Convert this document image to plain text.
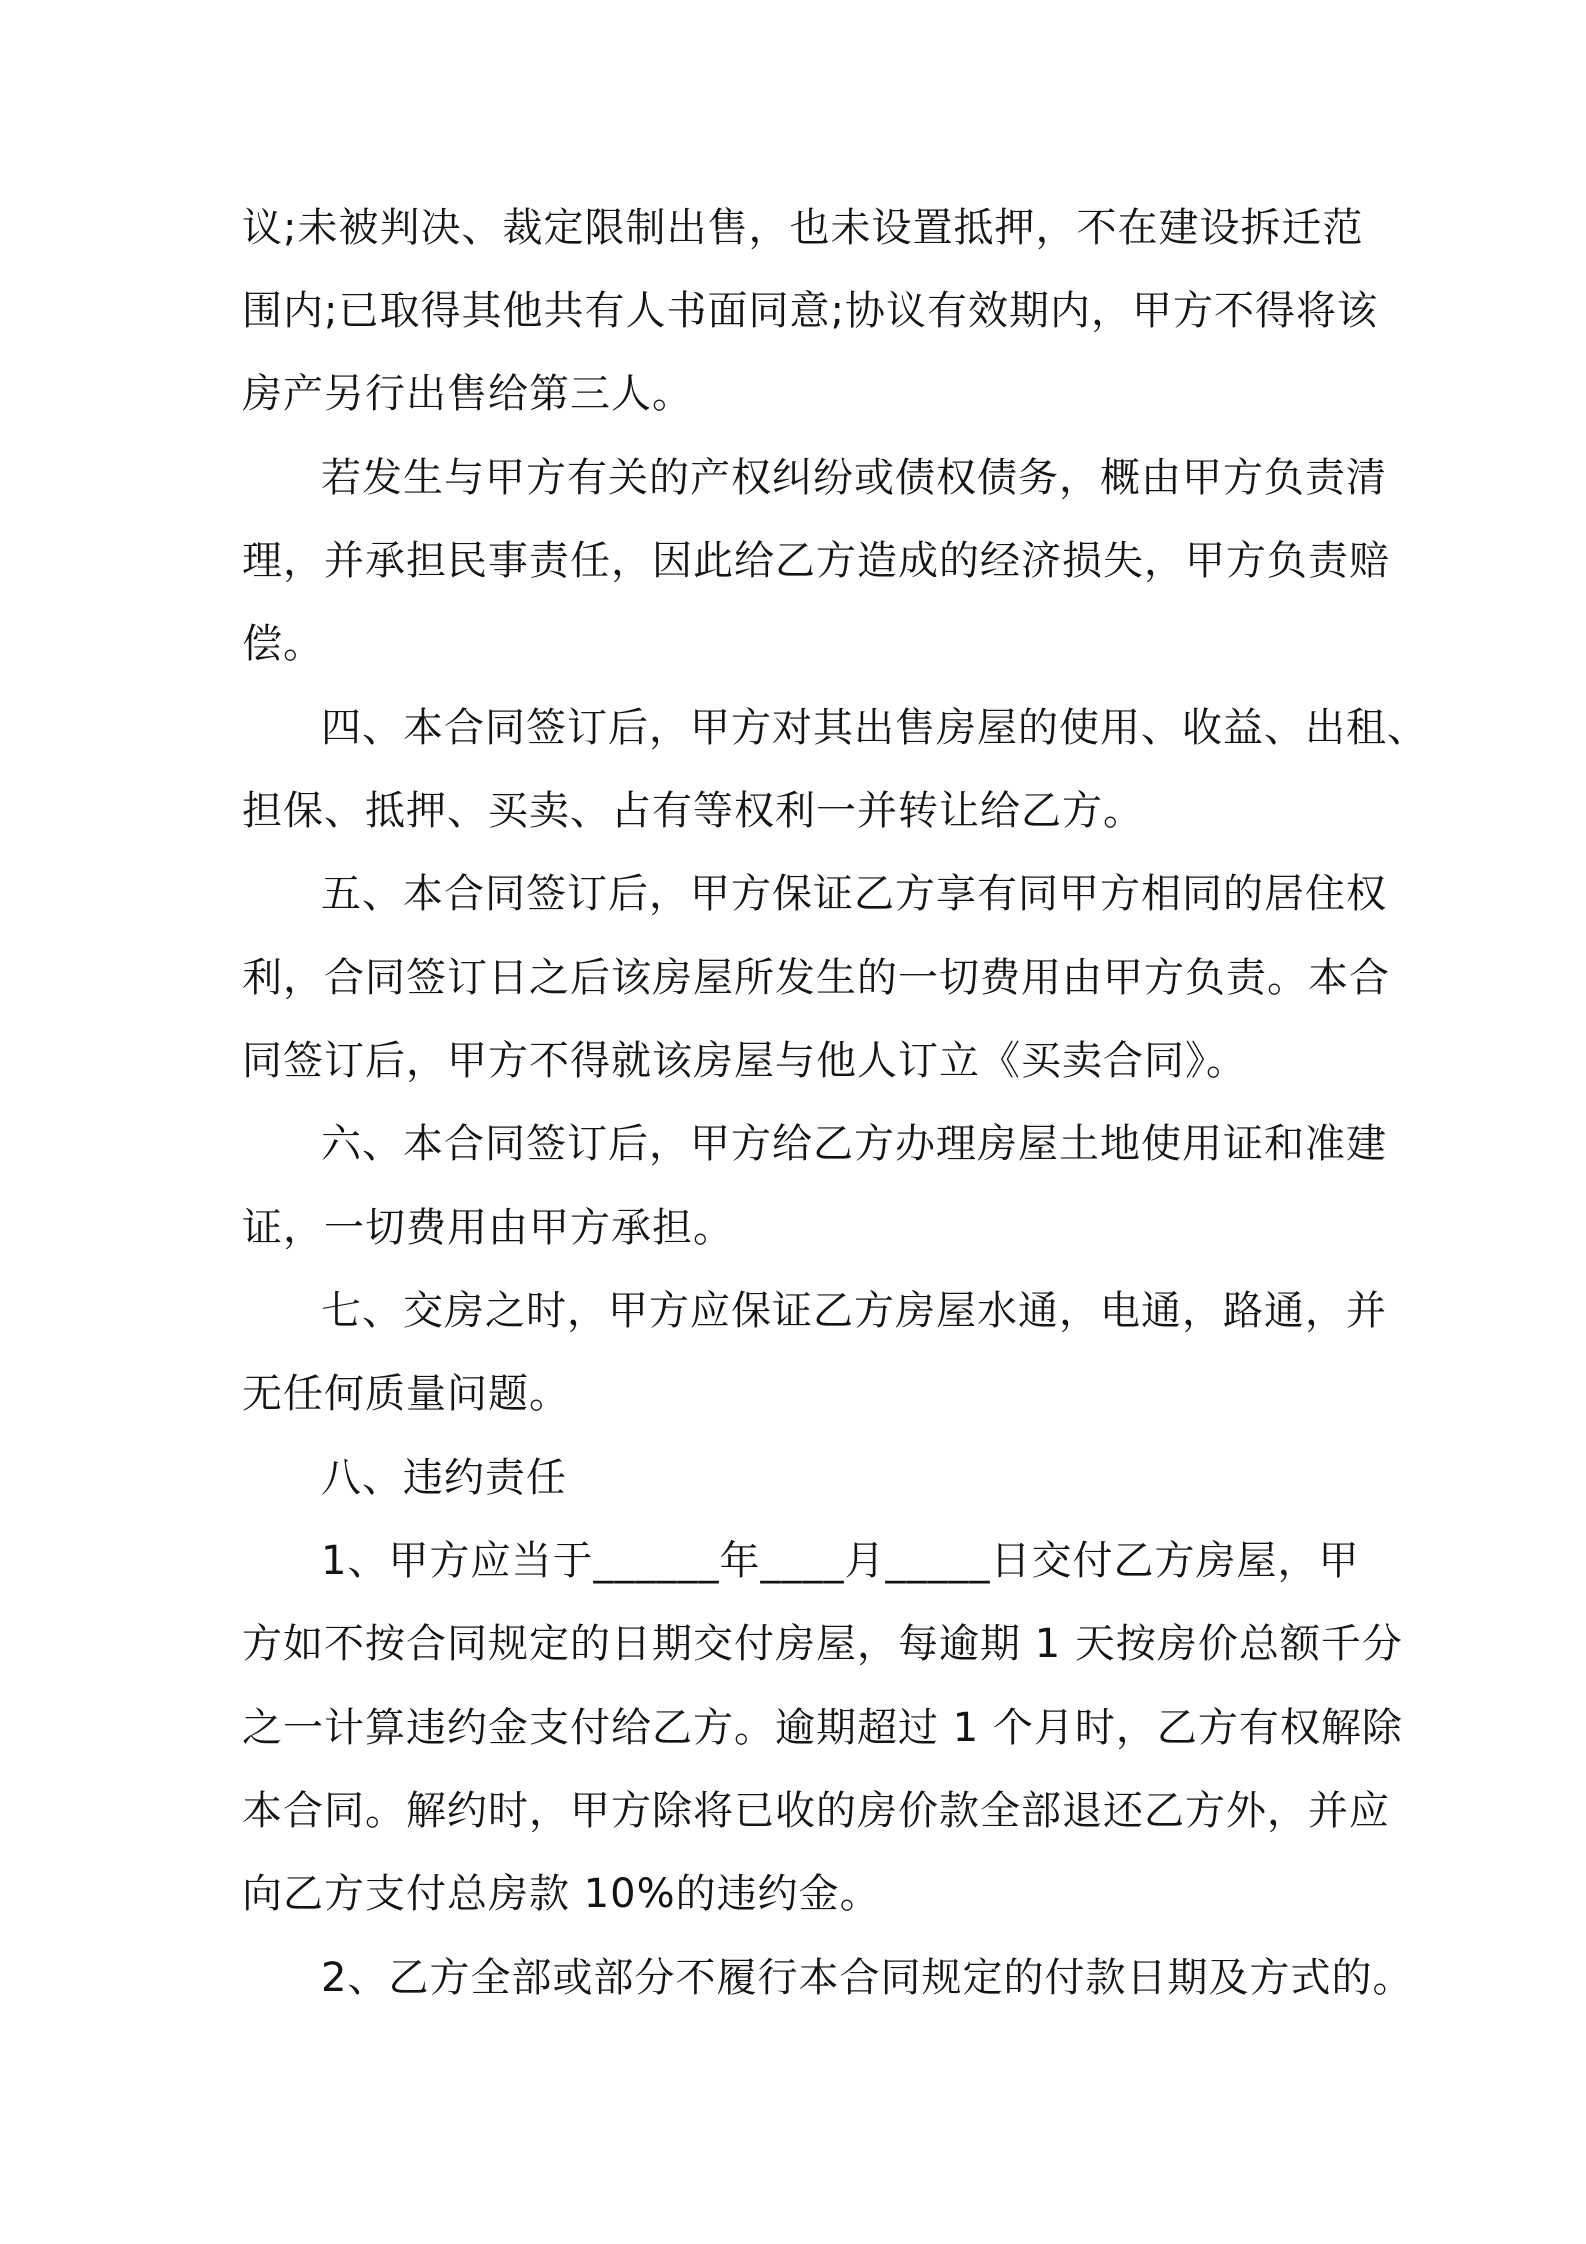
议;未被判决、裁定限制出售，也未设置抵押，不在建设拆迁范
围内;已取得其他共有人书面同意;协议有效期内，甲方不得将该
房产另行出售给第三人。
若发生与甲方有关的产权纠纷或债权债务，概由甲方负责清
理，并承担民事责任，因此给乙方造成的经济损失，甲方负责赔
偿。
四、本合同签订后，甲方对其出售房屋的使用、收益、出租、
担保、抵押、买卖、占有等权利一并转让给乙方。
五、本合同签订后，甲方保证乙方享有同甲方相同的居住权
利，合同签订日之后该房屋所发生的一切费用由甲方负责。本合
同签订后，甲方不得就该房屋与他人订立《买卖合同》。
六、本合同签订后，甲方给乙方办理房屋土地使用证和准建
证，一切费用由甲方承担。
七、交房之时，甲方应保证乙方房屋水通，电通，路通，并
无任何质量问题。
八、违约责任
1、甲方应当于______年____月_____日交付乙方房屋，甲
方如不按合同规定的日期交付房屋，每逾期 1 天按房价总额千分
之一计算违约金支付给乙方。逾期超过 1 个月时，乙方有权解除
本合同。解约时，甲方除将已收的房价款全部退还乙方外，并应
向乙方支付总房款 10%的违约金。
2、乙方全部或部分不履行本合同规定的付款日期及方式的。
